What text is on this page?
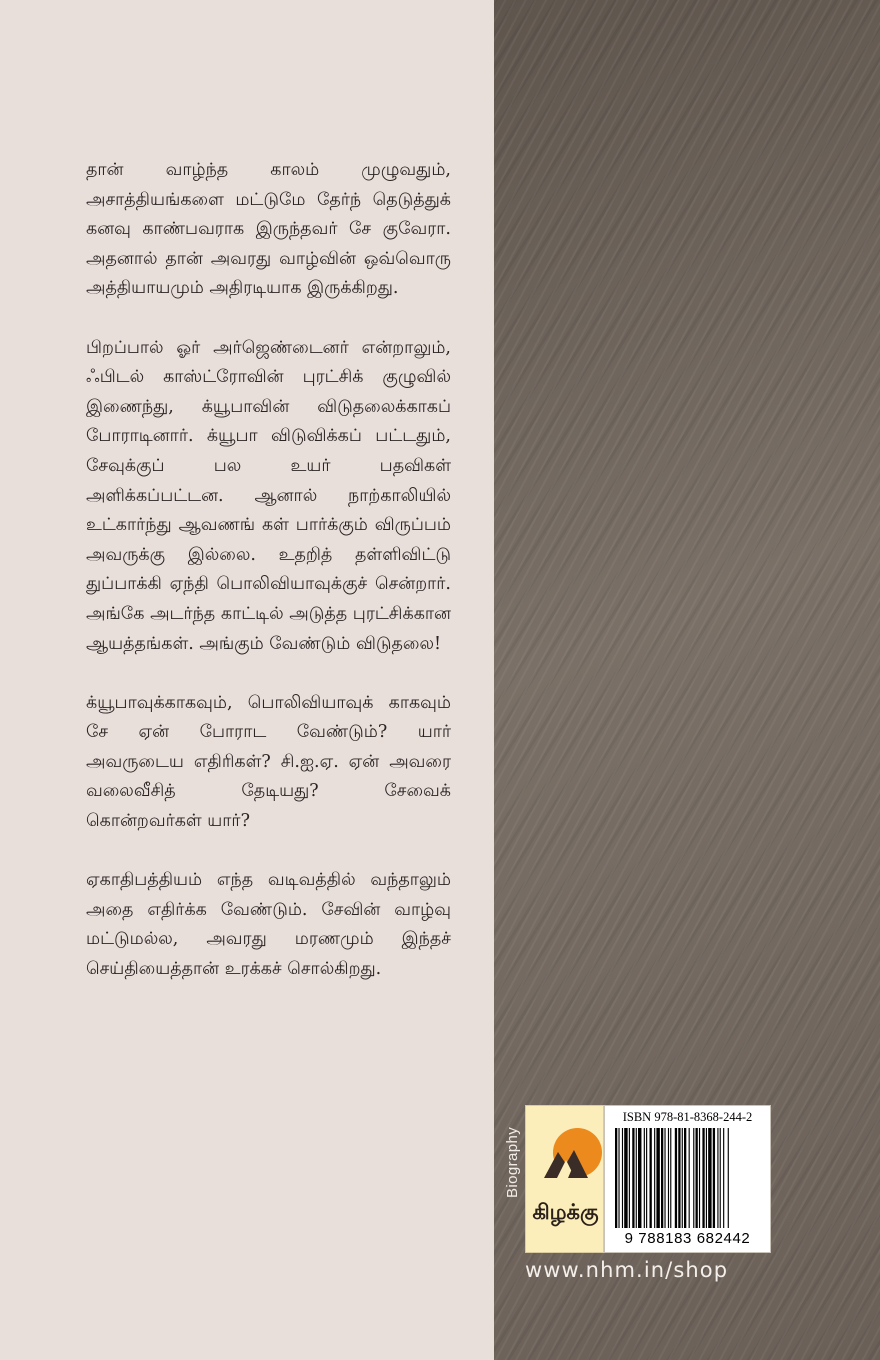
தான் வாழ்ந்த காலம் முழுவதும், அசாத்தியங்களை மட்டுமே தேர்ந் தெடுத்துக் கனவு காண்பவராக இருந்தவர் சே குவேரா. அதனால் தான் அவரது வாழ்வின் ஒவ்வொரு அத்தியாயமும் அதிரடியாக இருக்கிறது.

பிறப்பால் ஓர் அர்ஜெண்டைனர் என்றாலும், ஃபிடல் காஸ்ட்ரோவின் புரட்சிக் குழுவில் இணைந்து, க்யூபாவின் விடுதலைக்காகப் போராடினார். க்யூபா விடுவிக்கப் பட்டதும், சேவுக்குப் பல உயர் பதவிகள் அளிக்கப்பட்டன. ஆனால் நாற்காலியில் உட்கார்ந்து ஆவணங் கள் பார்க்கும் விருப்பம் அவருக்கு இல்லை. உதறித் தள்ளிவிட்டு துப்பாக்கி ஏந்தி பொலிவியாவுக்குச் சென்றார். அங்கே அடர்ந்த காட்டில் அடுத்த புரட்சிக்கான ஆயத்தங்கள். அங்கும் வேண்டும் விடுதலை!

க்யூபாவுக்காகவும், பொலிவியாவுக் காகவும் சே ஏன் போராட வேண்டும்? யார் அவருடைய எதிரிகள்? சி.ஐ.ஏ. ஏன் அவரை வலைவீசித் தேடியது? சேவைக் கொன்றவர்கள் யார்?

ஏகாதிபத்தியம் எந்த வடிவத்தில் வந்தாலும் அதை எதிர்க்க வேண்டும். சேவின் வாழ்வு மட்டுமல்ல, அவரது மரணமும் இந்தச் செய்தியைத்தான் உரக்கச் சொல்கிறது.

Biography
கிழக்கு
ISBN 978-81-8368-244-2
9 788183 682442
www.nhm.in/shop
